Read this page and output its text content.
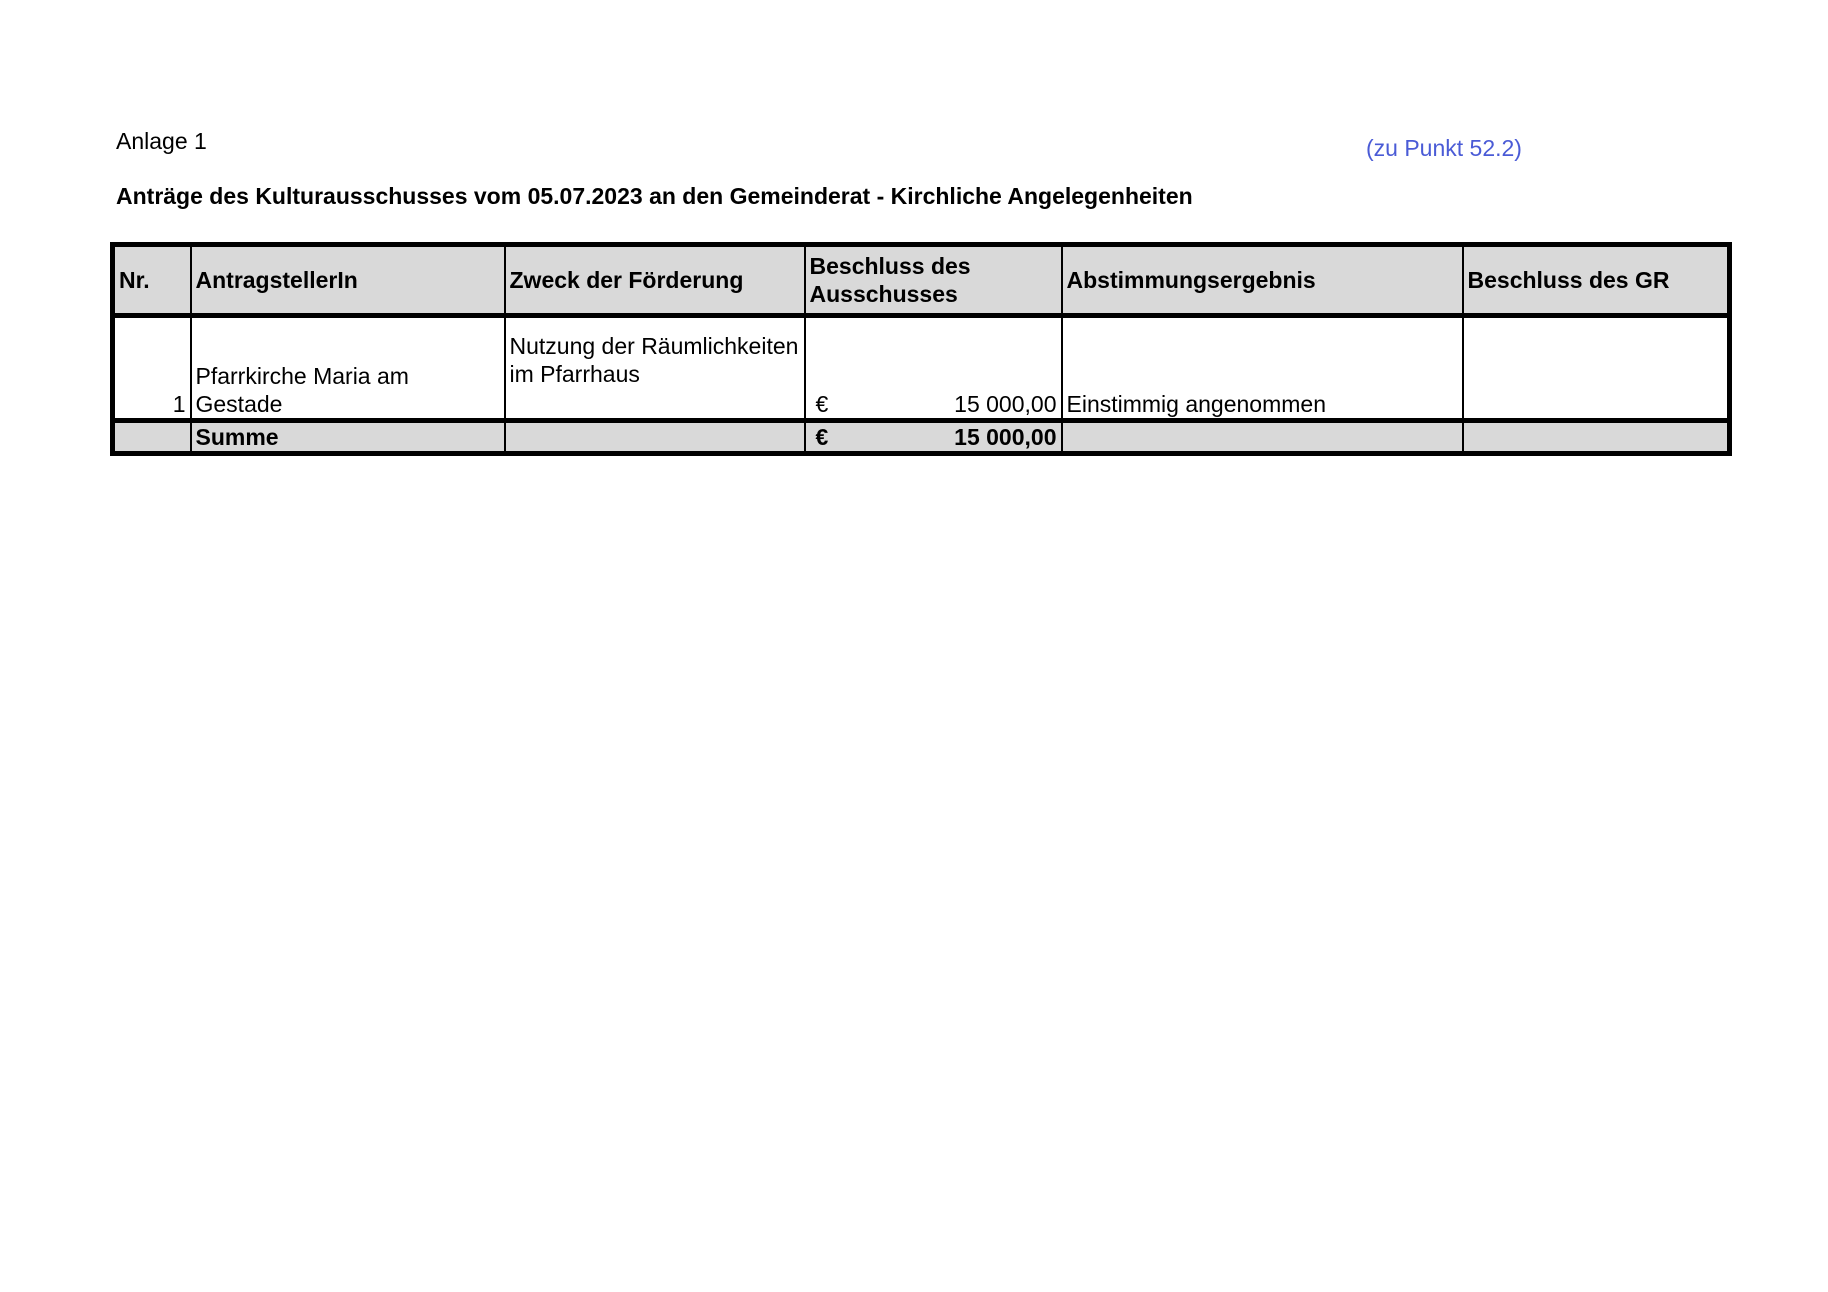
Anlage 1	(zu Punkt 52.2)
Anträge des Kulturausschusses vom 05.07.2023 an den Gemeinderat - Kirchliche Angelegenheiten
Nr.	AntragstellerIn	Zweck der Förderung	Beschluss des Ausschusses	Abstimmungsergebnis	Beschluss des GR
1	Pfarrkirche Maria am Gestade	Nutzung der Räumlichkeiten im Pfarrhaus	€ 15 000,00	Einstimmig angenommen	
	Summe		€ 15 000,00		
